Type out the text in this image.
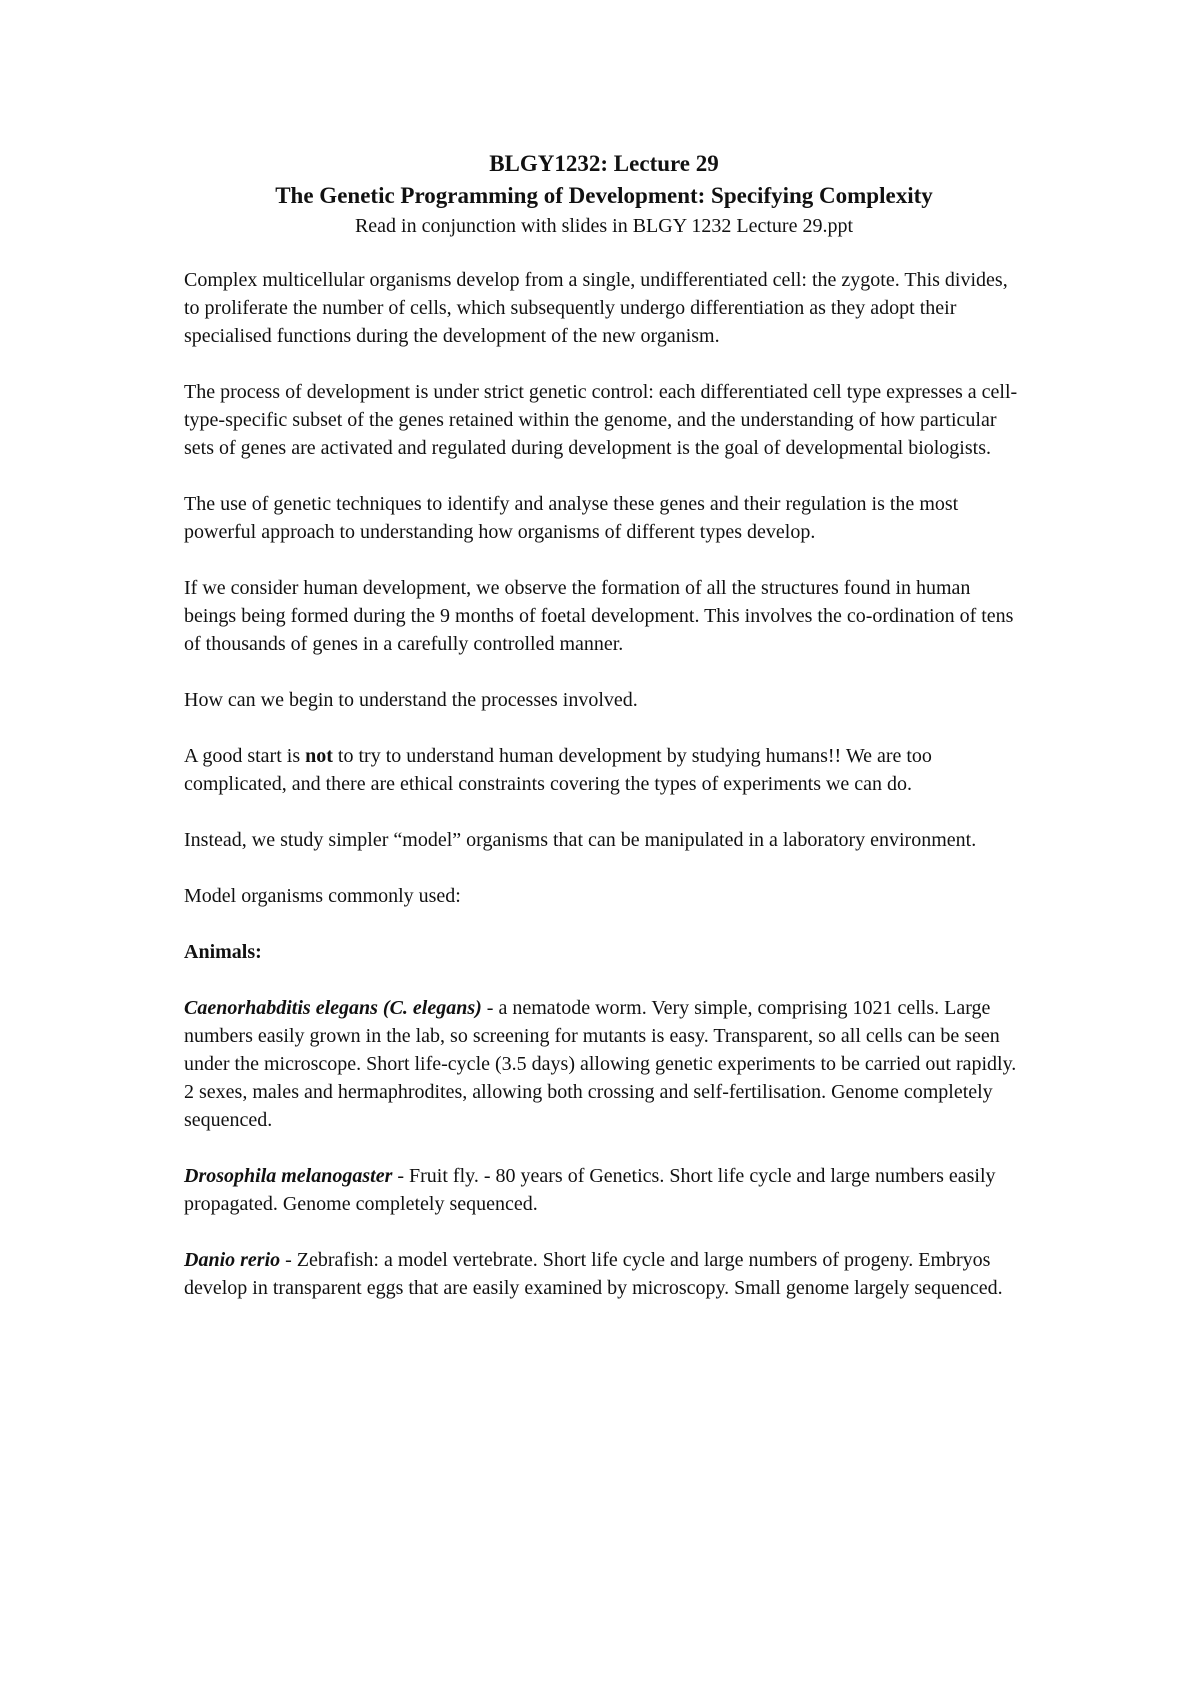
BLGY1232: Lecture 29
The Genetic Programming of Development: Specifying Complexity

Read in conjunction with slides in BLGY 1232 Lecture 29.ppt

Complex multicellular organisms develop from a single, undifferentiated cell: the zygote. This divides, to proliferate the number of cells, which subsequently undergo differentiation as they adopt their specialised functions during the development of the new organism.

The process of development is under strict genetic control: each differentiated cell type expresses a cell-type-specific subset of the genes retained within the genome, and the understanding of how particular sets of genes are activated and regulated during development is the goal of developmental biologists.

The use of genetic techniques to identify and analyse these genes and their regulation is the most powerful approach to understanding how organisms of different types develop.

If we consider human development, we observe the formation of all the structures found in human beings being formed during the 9 months of foetal development. This involves the co-ordination of tens of thousands of genes in a carefully controlled manner.

How can we begin to understand the processes involved.

A good start is not to try to understand human development by studying humans!! We are too complicated, and there are ethical constraints covering the types of experiments we can do.

Instead, we study simpler “model” organisms that can be manipulated in a laboratory environment.

Model organisms commonly used:

Animals:

Caenorhabditis elegans (C. elegans) - a nematode worm. Very simple, comprising 1021 cells. Large numbers easily grown in the lab, so screening for mutants is easy. Transparent, so all cells can be seen under the microscope. Short life-cycle (3.5 days) allowing genetic experiments to be carried out rapidly. 2 sexes, males and hermaphrodites, allowing both crossing and self-fertilisation. Genome completely sequenced.

Drosophila melanogaster - Fruit fly. - 80 years of Genetics. Short life cycle and large numbers easily propagated. Genome completely sequenced.

Danio rerio - Zebrafish: a model vertebrate. Short life cycle and large numbers of progeny. Embryos develop in transparent eggs that are easily examined by microscopy. Small genome largely sequenced.
